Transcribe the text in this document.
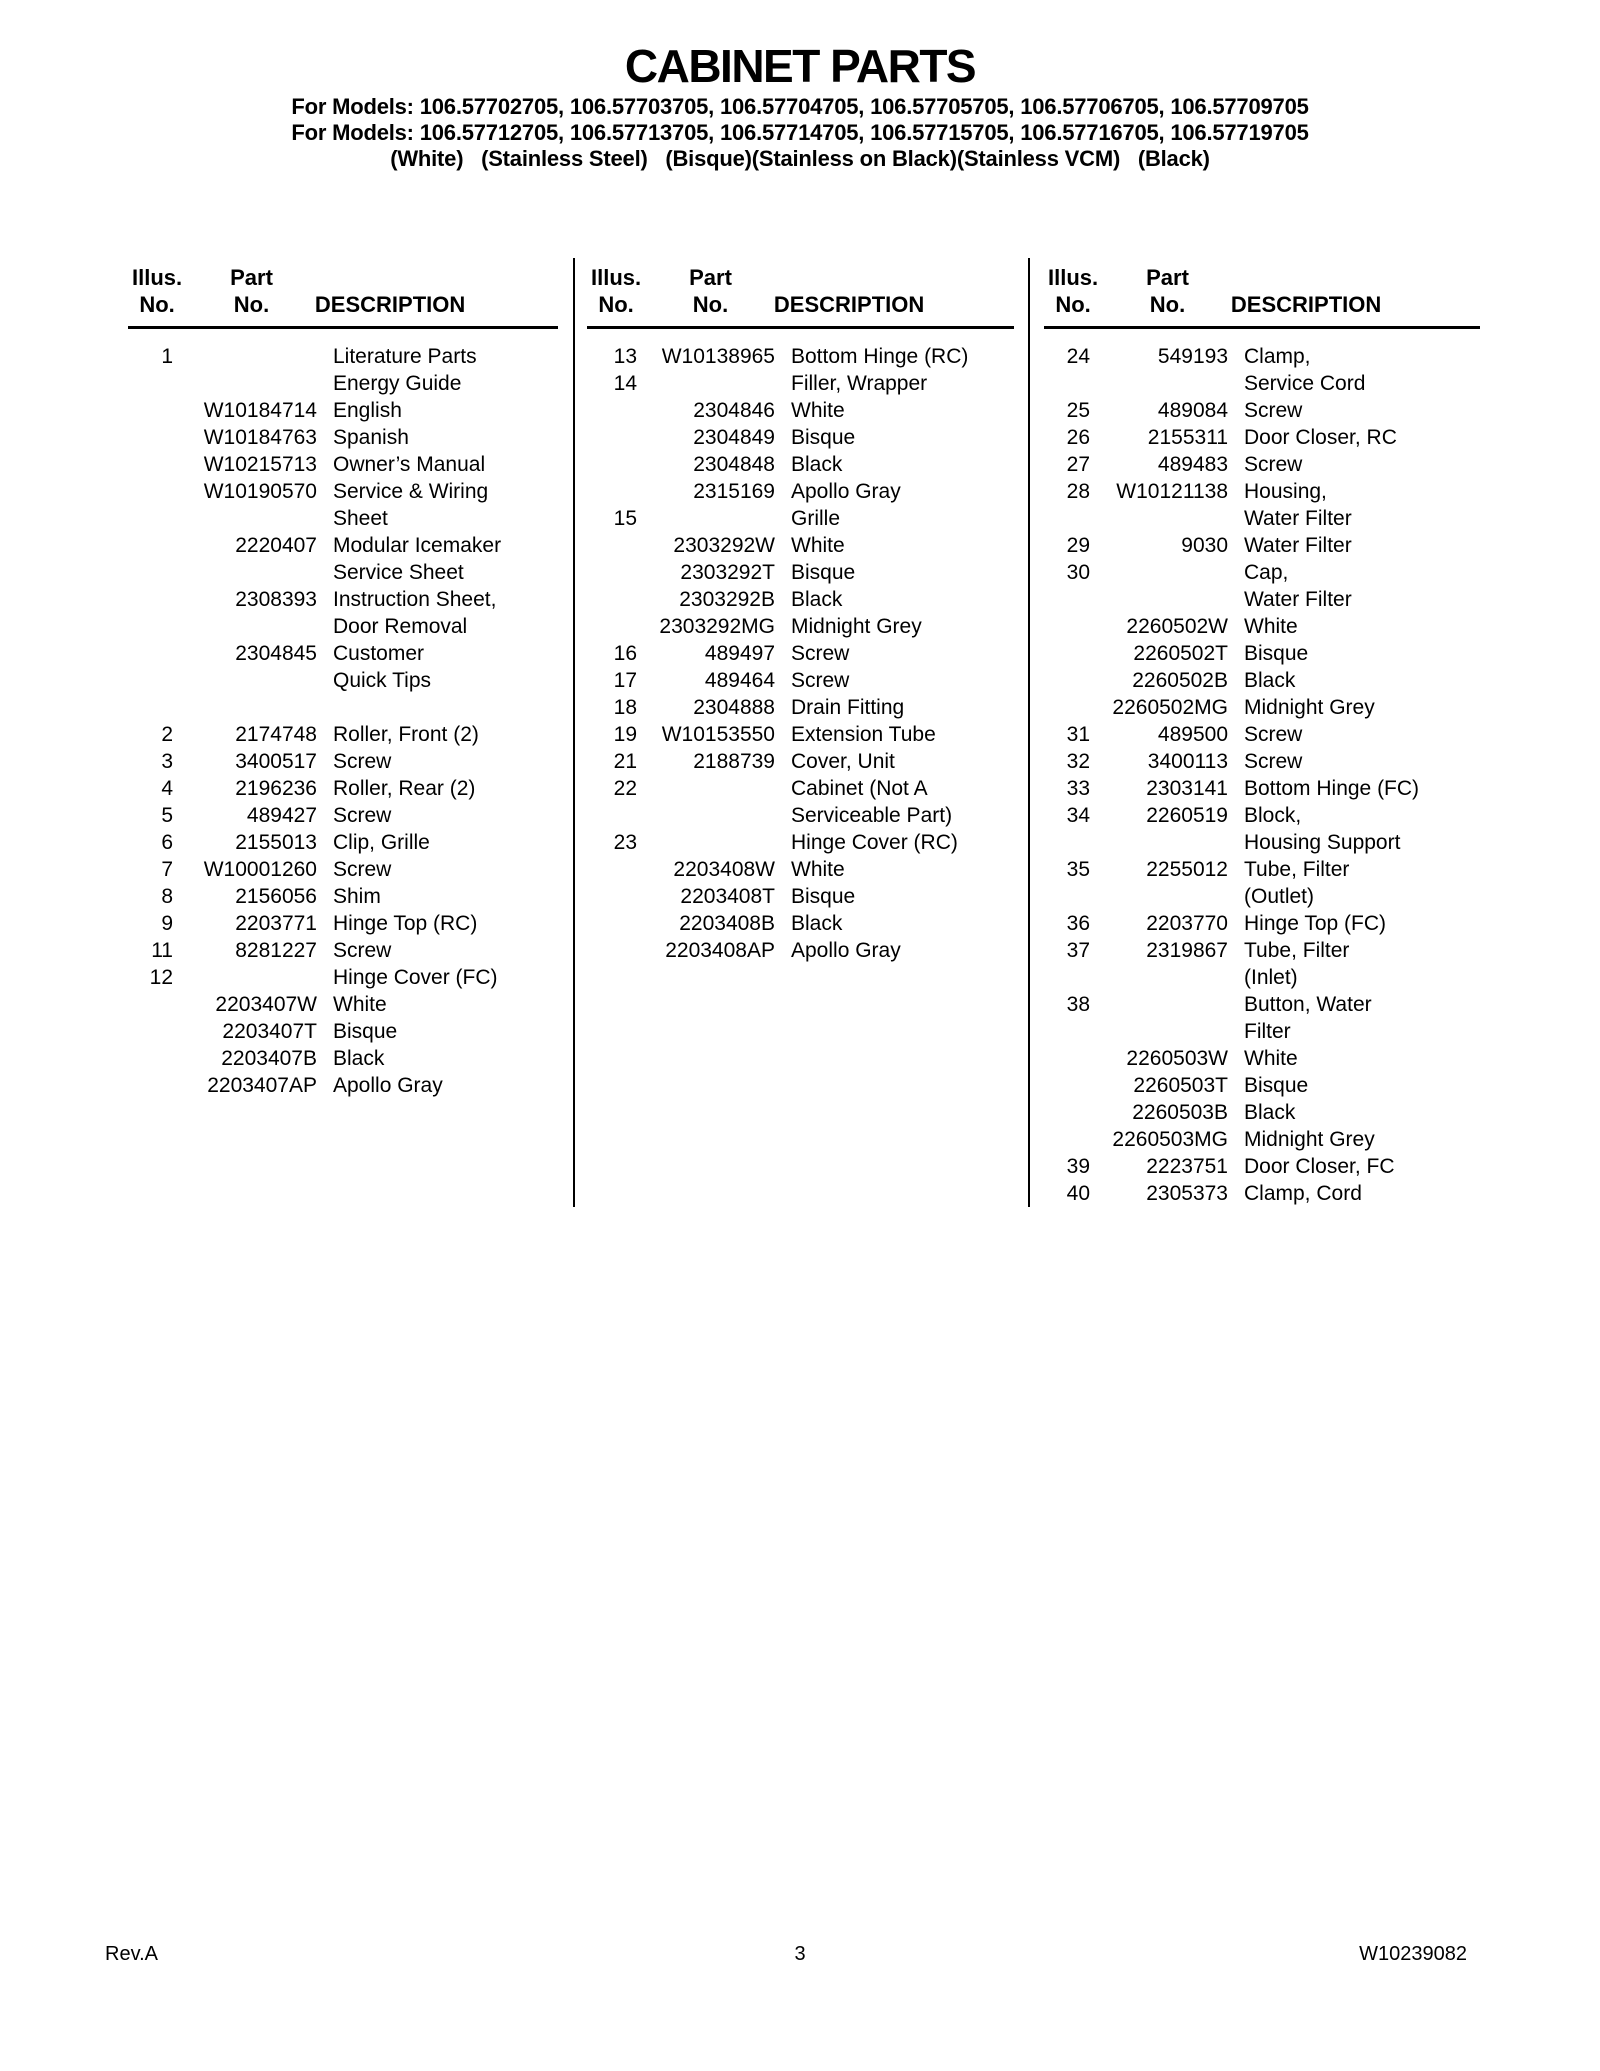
CABINET PARTS
For Models: 106.57702705, 106.57703705, 106.57704705, 106.57705705, 106.57706705, 106.57709705
For Models: 106.57712705, 106.57713705, 106.57714705, 106.57715705, 106.57716705, 106.57719705
(White)   (Stainless Steel)   (Bisque)(Stainless on Black)(Stainless VCM)   (Black)
Illus.
No.
Part
No. DESCRIPTION
1	Literature Parts
Energy Guide
W10184714 English
W10184763 Spanish
W10215713 Owner’s Manual
W10190570 Service & Wiring
Sheet
2220407 Modular Icemaker
Service Sheet
2308393 Instruction Sheet,
Door Removal
2304845 Customer
Quick Tips
2	2174748 Roller, Front (2)
3	3400517 Screw
4	2196236 Roller, Rear (2)
5	489427 Screw
6	2155013 Clip, Grille
7	W10001260 Screw
8	2156056 Shim
9	2203771 Hinge Top (RC)
11	8281227 Screw
12	Hinge Cover (FC)
2203407W White
2203407T Bisque
2203407B Black
2203407AP Apollo Gray
Illus.
No.
Part
No. DESCRIPTION
13	W10138965 Bottom Hinge (RC)
14	Filler, Wrapper
2304846 White
2304849 Bisque
2304848 Black
2315169 Apollo Gray
15	Grille
2303292W White
2303292T Bisque
2303292B Black
2303292MG Midnight Grey
16	489497 Screw
17	489464 Screw
18	2304888 Drain Fitting
19	W10153550 Extension Tube
21	2188739 Cover, Unit
22	Cabinet (Not A
Serviceable Part)
23	Hinge Cover (RC)
2203408W White
2203408T Bisque
2203408B Black
2203408AP Apollo Gray
Illus.
No.
Part
No. DESCRIPTION
24	549193 Clamp,
Service Cord
25	489084 Screw
26	2155311 Door Closer, RC
27	489483 Screw
28	W10121138 Housing,
Water Filter
29	9030 Water Filter
30	Cap,
Water Filter
2260502W White
2260502T Bisque
2260502B Black
2260502MG Midnight Grey
31	489500 Screw
32	3400113 Screw
33	2303141 Bottom Hinge (FC)
34	2260519 Block,
Housing Support
35	2255012 Tube, Filter
(Outlet)
36	2203770 Hinge Top (FC)
37	2319867 Tube, Filter
(Inlet)
38	Button, Water
Filter
2260503W White
2260503T Bisque
2260503B Black
2260503MG Midnight Grey
39	2223751 Door Closer, FC
40	2305373 Clamp, Cord
Rev.A	3	W10239082
